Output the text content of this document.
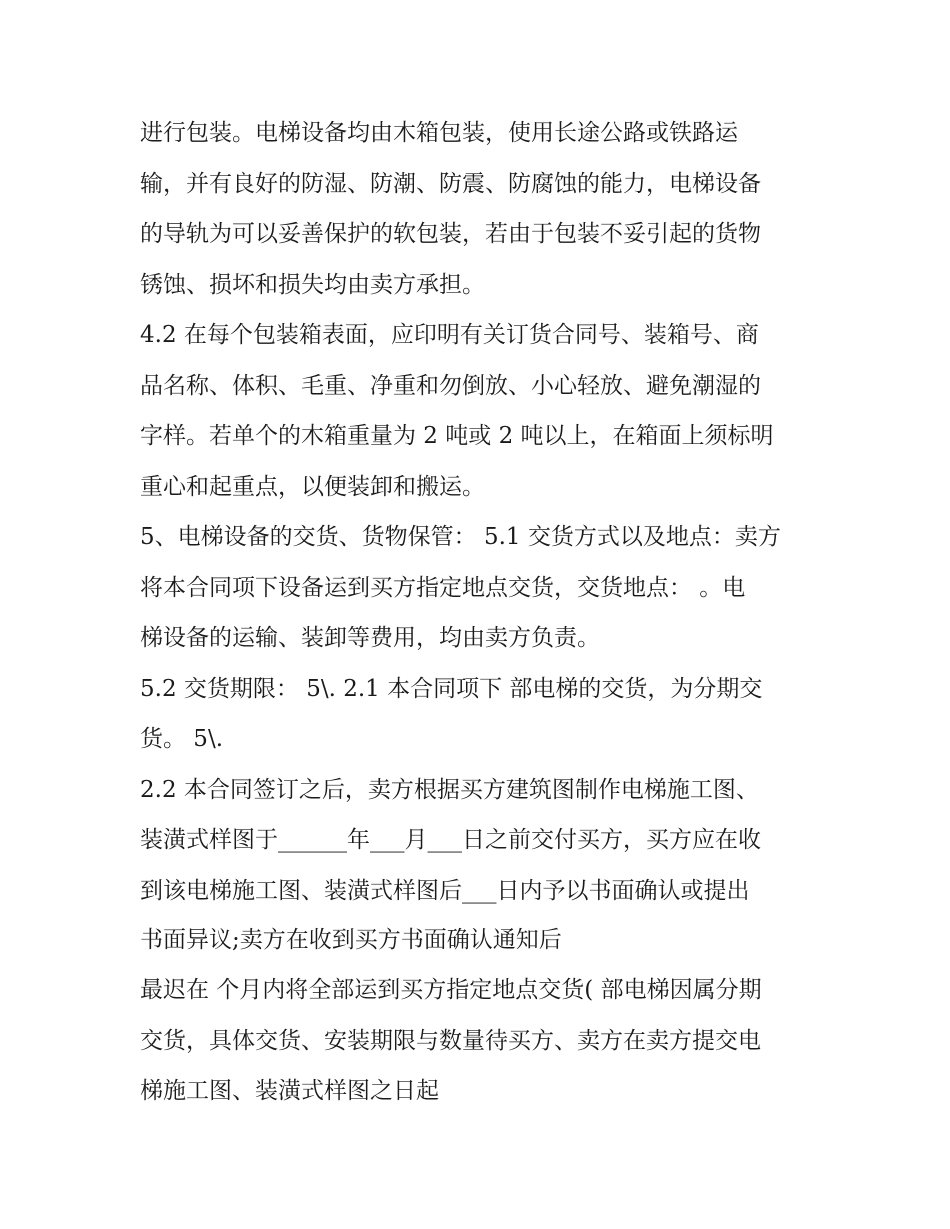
进行包装。电梯设备均由木箱包装，使用长途公路或铁路运
输，并有良好的防湿、防潮、防震、防腐蚀的能力，电梯设备
的导轨为可以妥善保护的软包装，若由于包装不妥引起的货物
锈蚀、损坏和损失均由卖方承担。
4.2 在每个包装箱表面，应印明有关订货合同号、装箱号、商
品名称、体积、毛重、净重和勿倒放、小心轻放、避免潮湿的
字样。若单个的木箱重量为 2 吨或 2 吨以上，在箱面上须标明
重心和起重点，以便装卸和搬运。
5、电梯设备的交货、货物保管： 5.1 交货方式以及地点：卖方
将本合同项下设备运到买方指定地点交货，交货地点： 。电
梯设备的运输、装卸等费用，均由卖方负责。
5.2 交货期限： 5\. 2.1 本合同项下 部电梯的交货，为分期交
货。 5\.
2.2 本合同签订之后，卖方根据买方建筑图制作电梯施工图、
装潢式样图于______年___月___日之前交付买方，买方应在收
到该电梯施工图、装潢式样图后___日内予以书面确认或提出
书面异议;卖方在收到买方书面确认通知后
最迟在 个月内将全部运到买方指定地点交货( 部电梯因属分期
交货，具体交货、安装期限与数量待买方、卖方在卖方提交电
梯施工图、装潢式样图之日起
